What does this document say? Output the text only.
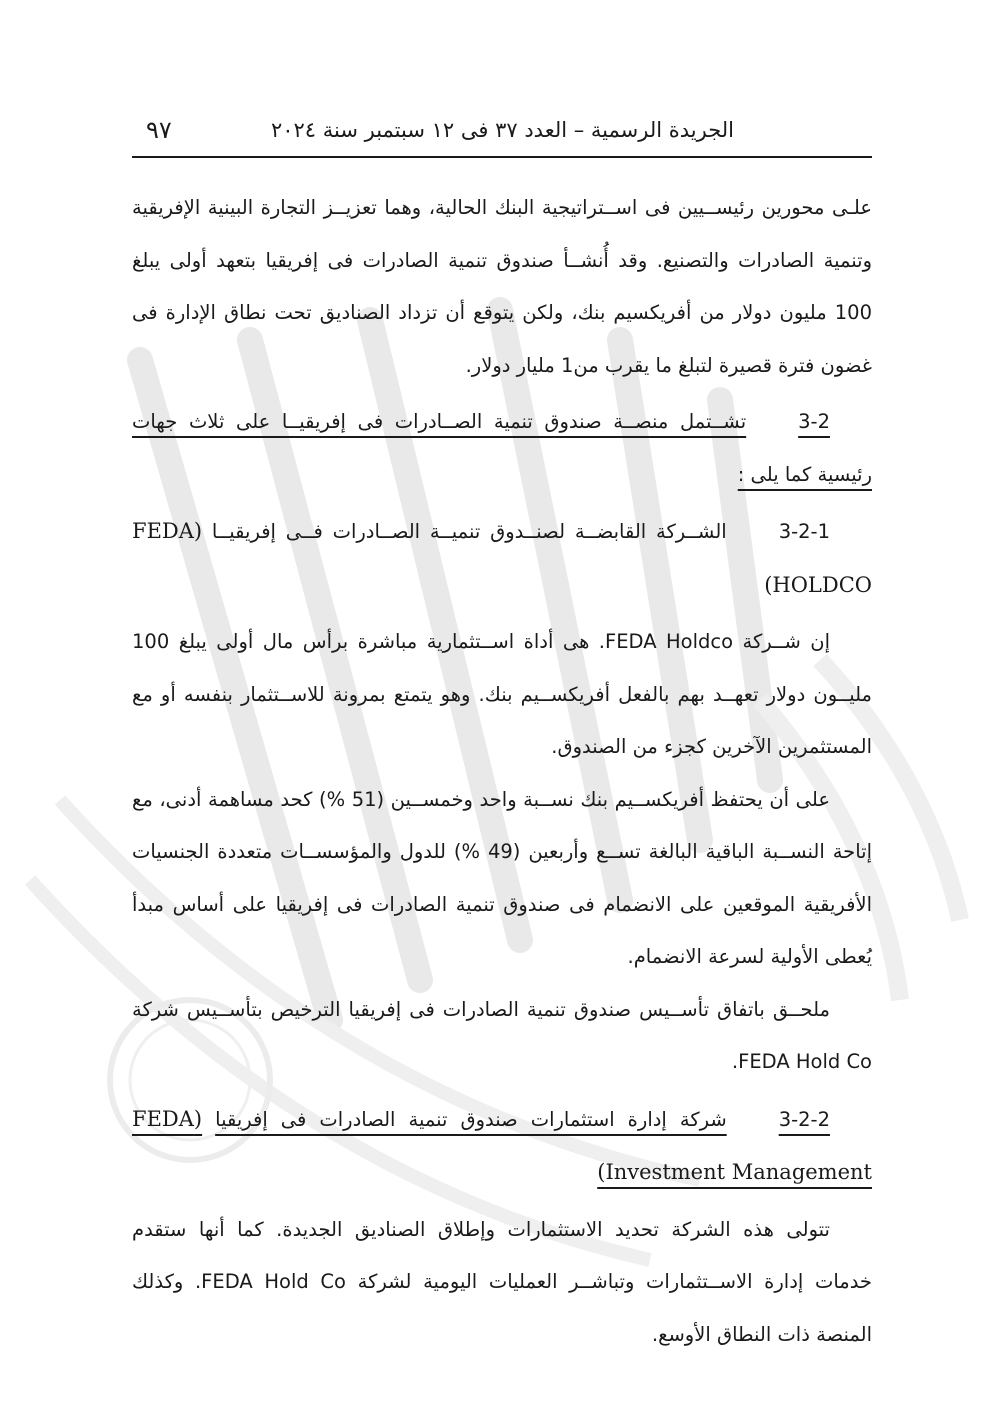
٩٧	الجريدة الرسمية – العدد ٣٧ فى ١٢ سبتمبر سنة ٢٠٢٤

علـى محورين رئيســيين فى اســتراتيجية البنك الحالية، وهما تعزيــز التجارة البينية الإفريقية وتنمية الصادرات والتصنيع. وقد أُنشــأ صندوق تنمية الصادرات فى إفريقيا بتعهد أولى يبلغ 100 مليون دولار من أفريكسيم بنك، ولكن يتوقع أن تزداد الصناديق تحت نطاق الإدارة فى غضون فترة قصيرة لتبلغ ما يقرب من1 مليار دولار.

3-2تشــتمل منصــة صندوق تنمية الصــادرات فى إفريقيــا على ثلاث جهات رئيسية كما يلى :

3-2-1الشــركة القابضــة لصنــدوق تنميــة الصــادرات فــى إفريقيــا (FEDA HOLDCO)

إن شــركة FEDA Holdco. هى أداة اســتثمارية مباشرة برأس مال أولى يبلغ 100 مليــون دولار تعهــد بهم بالفعل أفريكســيم بنك. وهو يتمتع بمرونة للاســتثمار بنفسه أو مع المستثمرين الآخرين كجزء من الصندوق.

على أن يحتفظ أفريكســيم بنك نســبة واحد وخمســين (51 %) كحد مساهمة أدنى، مع إتاحة النســبة الباقية البالغة تســع وأربعين (49 %) للدول والمؤسســات متعددة الجنسيات الأفريقية الموقعين على الانضمام فى صندوق تنمية الصادرات فى إفريقيا على أساس مبدأ يُعطى الأولية لسرعة الانضمام.

ملحــق باتفاق تأســيس صندوق تنمية الصادرات فى إفريقيا الترخيص بتأســيس شركة FEDA Hold Co.

3-2-2شركة إدارة استثمارات صندوق تنمية الصادرات فى إفريقيا (FEDA Investment Management)

تتولى هذه الشركة تحديد الاستثمارات وإطلاق الصناديق الجديدة. كما أنها ستقدم خدمات إدارة الاســتثمارات وتباشــر العمليات اليومية لشركة FEDA Hold Co. وكذلك المنصة ذات النطاق الأوسع.
